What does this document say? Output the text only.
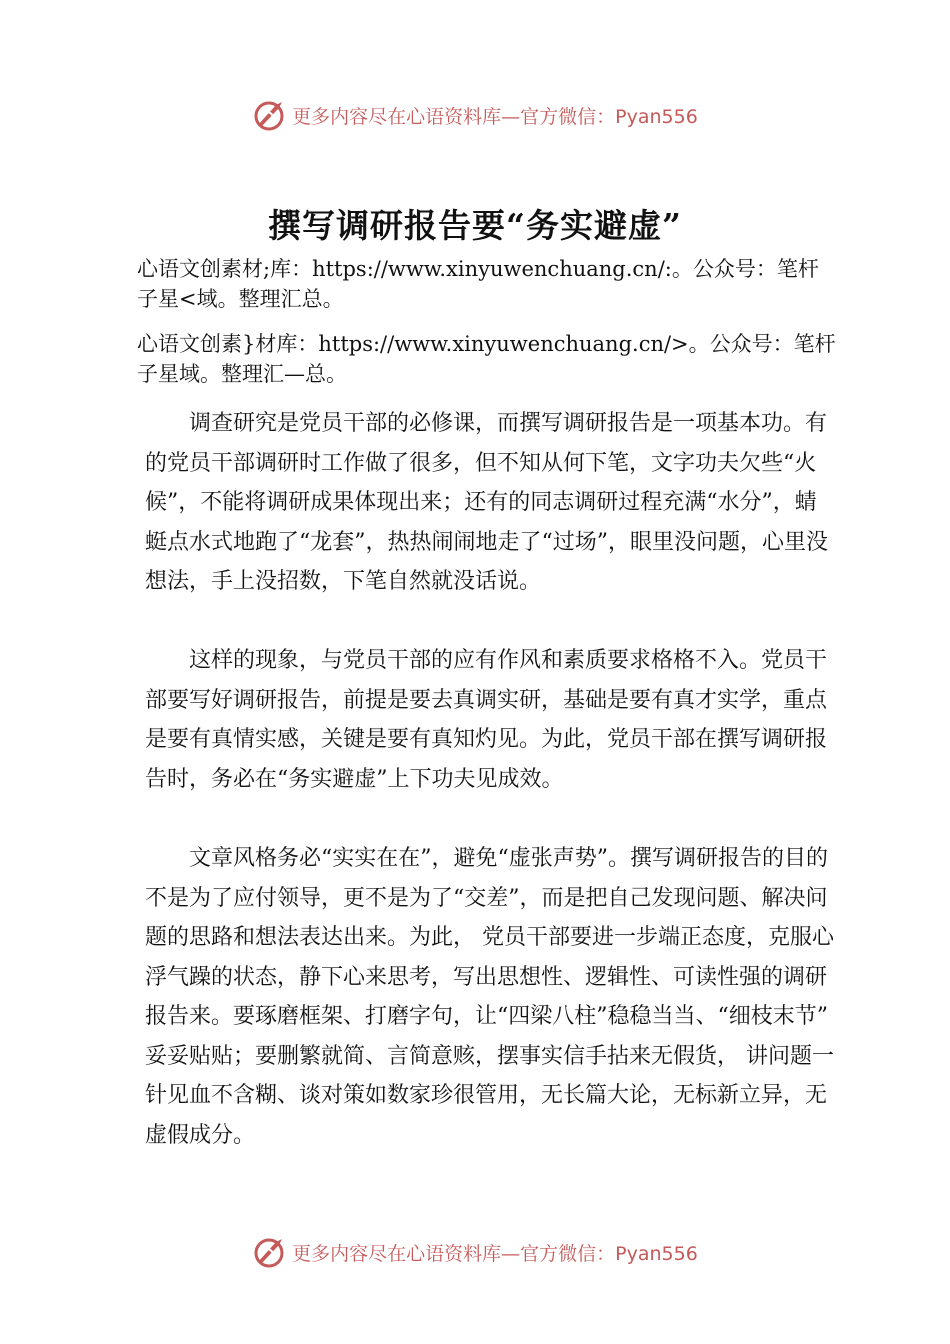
更多内容尽在心语资料库—官方微信：Pyan556
撰写调研报告要“务实避虚”
心语文创素材;库：https://www.xinyuwenchuang.cn/:。公众号：笔杆子星<域。整理汇总。
心语文创素}材库：https://www.xinyuwenchuang.cn/>。公众号：笔杆子星域。整理汇—总。

调查研究是党员干部的必修课，而撰写调研报告是一项基本功。有的党员干部调研时工作做了很多，但不知从何下笔，文字功夫欠些“火候”，不能将调研成果体现出来；还有的同志调研过程充满“水分”，蜻蜓点水式地跑了“龙套”，热热闹闹地走了“过场”，眼里没问题，心里没想法，手上没招数，下笔自然就没话说。

这样的现象，与党员干部的应有作风和素质要求格格不入。党员干部要写好调研报告，前提是要去真调实研，基础是要有真才实学，重点是要有真情实感，关键是要有真知灼见。为此，党员干部在撰写调研报告时，务必在“务实避虚”上下功夫见成效。

文章风格务必“实实在在”，避免“虚张声势”。撰写调研报告的目的不是为了应付领导，更不是为了“交差”，而是把自己发现问题、解决问题的思路和想法表达出来。为此， 党员干部要进一步端正态度，克服心浮气躁的状态，静下心来思考，写出思想性、逻辑性、可读性强的调研报告来。要琢磨框架、打磨字句，让“四梁八柱”稳稳当当、“细枝末节” 妥妥贴贴；要删繁就简、言简意赅，摆事实信手拈来无假货， 讲问题一针见血不含糊、谈对策如数家珍很管用，无长篇大论，无标新立异，无虚假成分。

更多内容尽在心语资料库—官方微信：Pyan556
